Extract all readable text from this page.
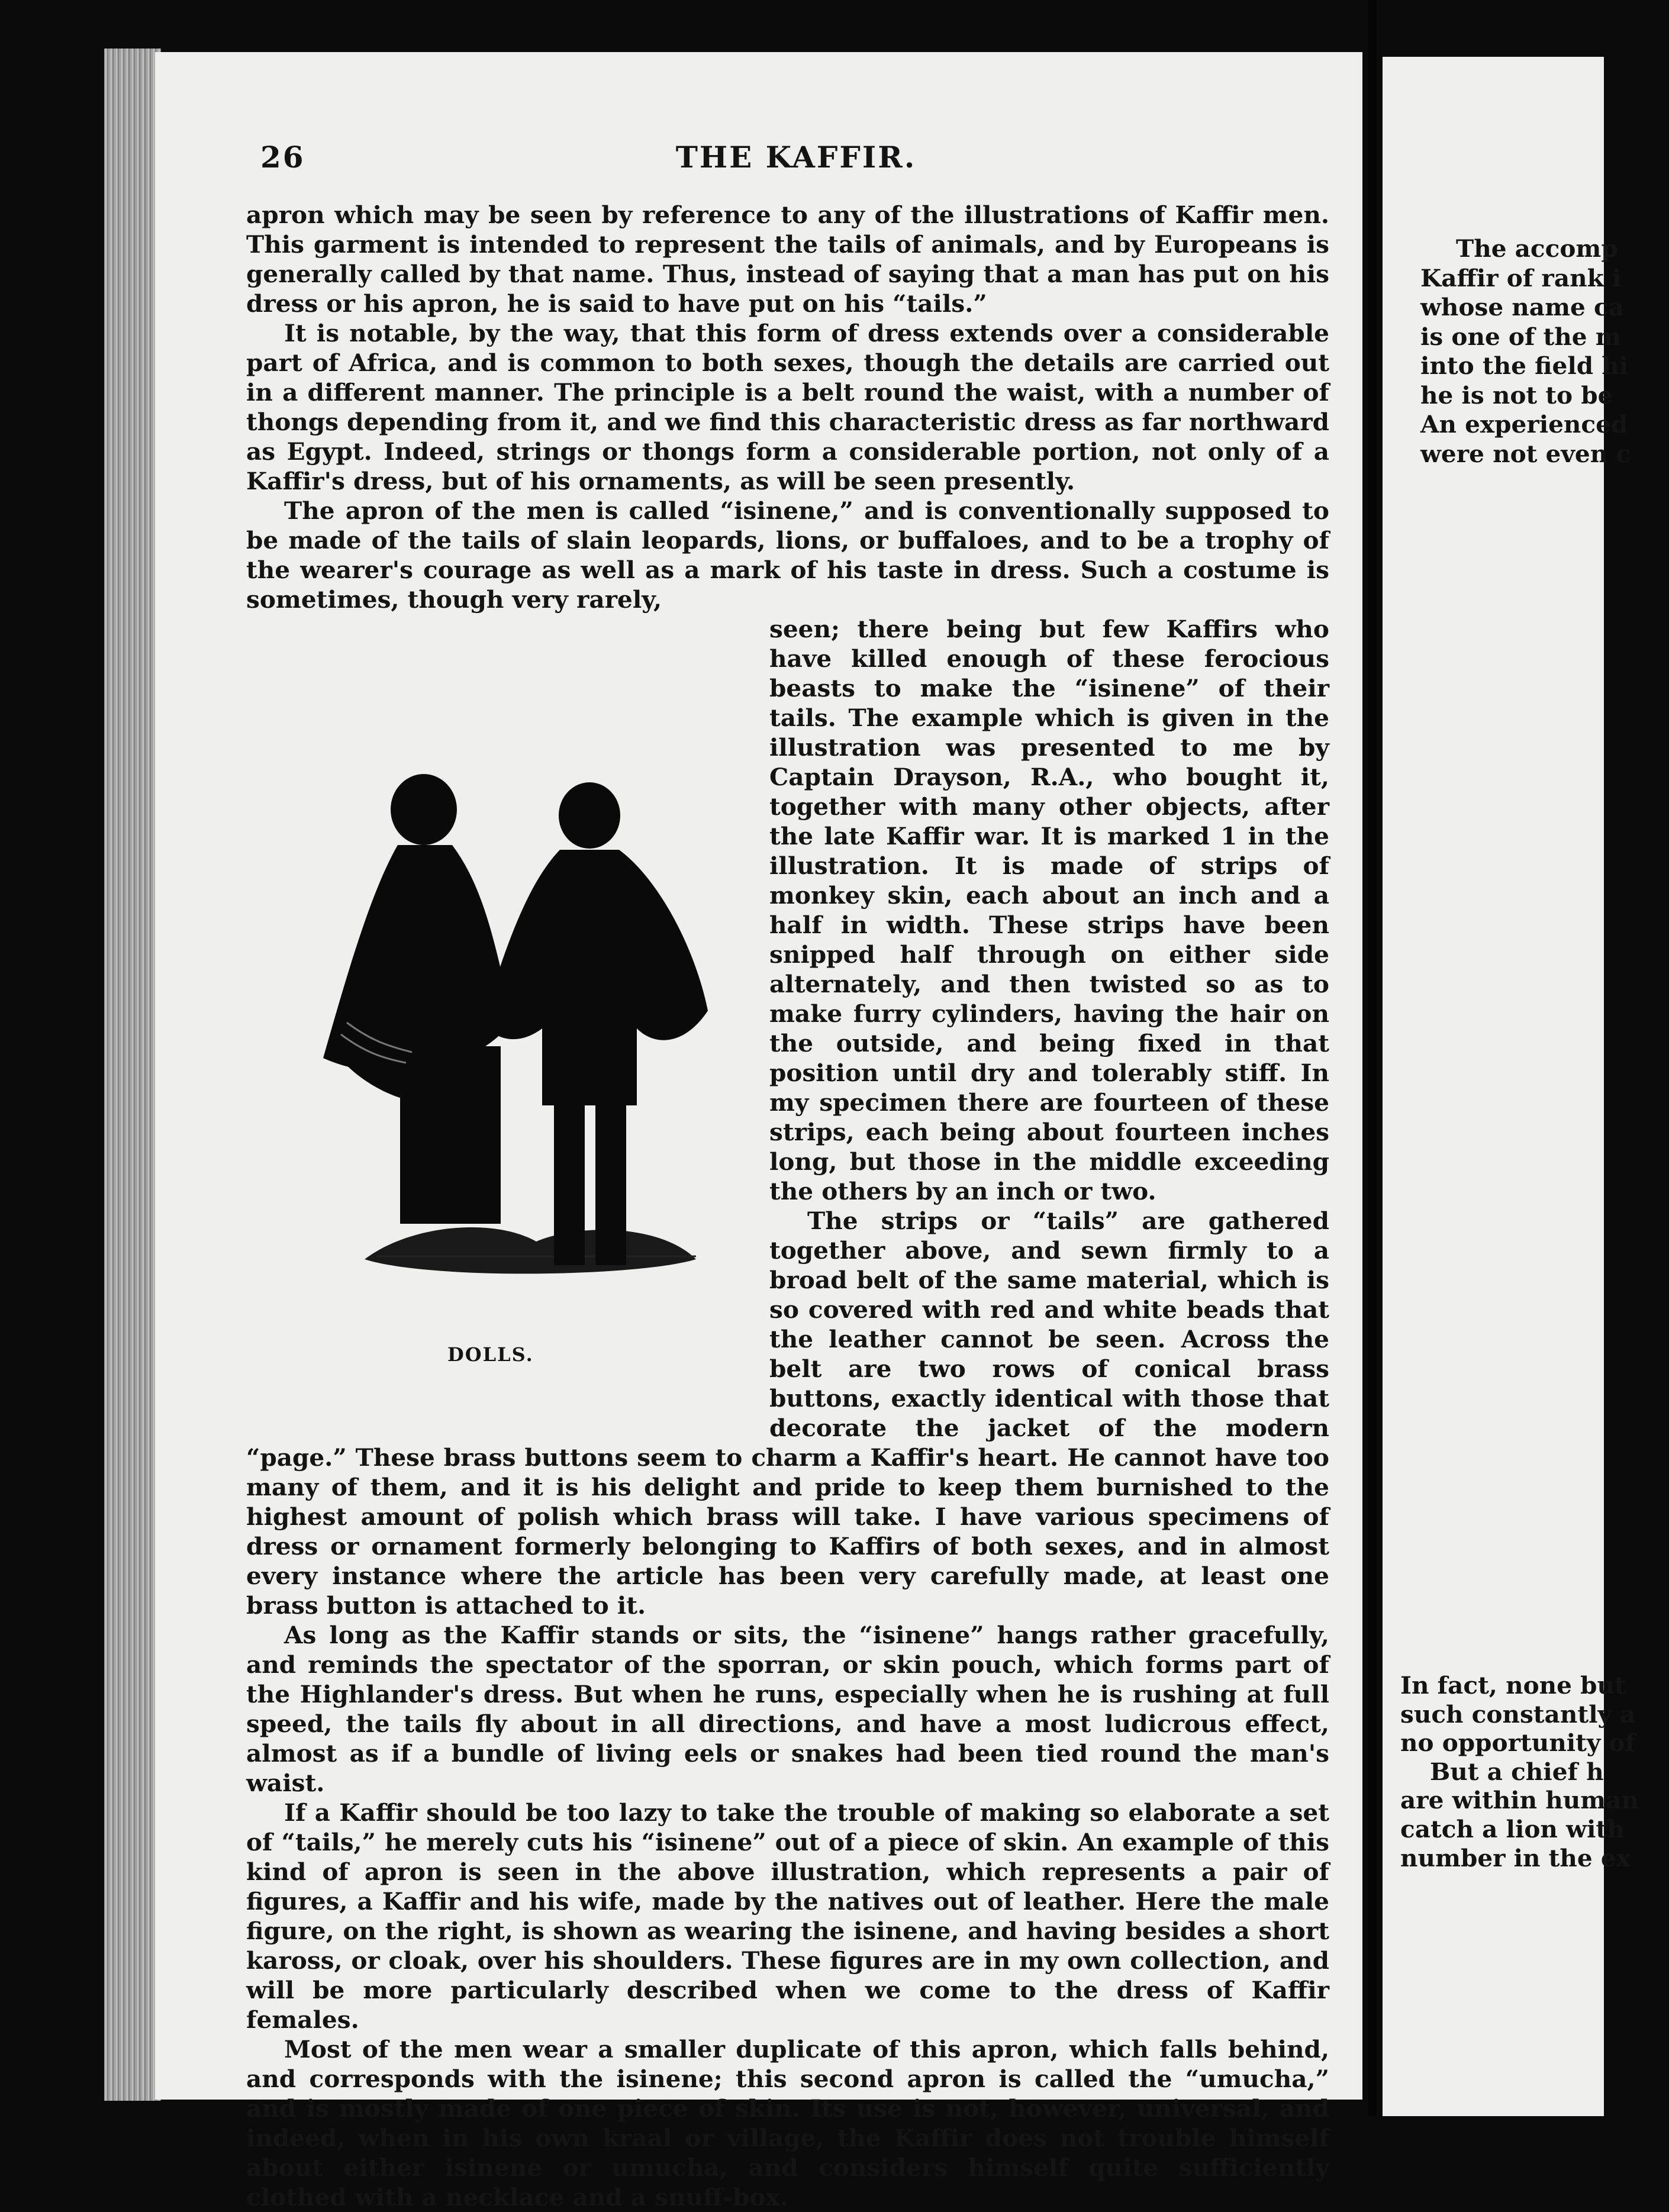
26	THE KAFFIR.

apron which may be seen by reference to any of the illustrations of Kaffir men. This garment is intended to represent the tails of animals, and by Europeans is generally called by that name. Thus, instead of saying that a man has put on his dress or his apron, he is said to have put on his “tails.”

It is notable, by the way, that this form of dress extends over a considerable part of Africa, and is common to both sexes, though the details are carried out in a different manner. The principle is a belt round the waist, with a number of thongs depending from it, and we find this characteristic dress as far northward as Egypt. Indeed, strings or thongs form a considerable portion, not only of a Kaffir's dress, but of his ornaments, as will be seen presently.

The apron of the men is called “isinene,” and is conventionally supposed to be made of the tails of slain leopards, lions, or buffaloes, and to be a trophy of the wearer's courage as well as a mark of his taste in dress. Such a costume is sometimes, though very rarely,

DOLLS.

seen; there being but few Kaffirs who have killed enough of these ferocious beasts to make the “isinene” of their tails. The example which is given in the illustration was presented to me by Captain Drayson, R.A., who bought it, together with many other objects, after the late Kaffir war. It is marked 1 in the illustration. It is made of strips of monkey skin, each about an inch and a half in width. These strips have been snipped half through on either side alternately, and then twisted so as to make furry cylinders, having the hair on the outside, and being fixed in that position until dry and tolerably stiff. In my specimen there are fourteen of these strips, each being about fourteen inches long, but those in the middle exceeding the others by an inch or two.

The strips or “tails” are gathered together above, and sewn firmly to a broad belt of the same material, which is so covered with red and white beads that the leather cannot be seen. Across the belt are two rows of conical brass buttons, exactly identical with those that decorate the jacket of the modern “page.” These brass buttons seem to charm a Kaffir's heart. He cannot have too many of them, and it is his delight and pride to keep them burnished to the highest amount of polish which brass will take. I have various specimens of dress or ornament formerly belonging to Kaffirs of both sexes, and in almost every instance where the article has been very carefully made, at least one brass button is attached to it.

As long as the Kaffir stands or sits, the “isinene” hangs rather gracefully, and reminds the spectator of the sporran, or skin pouch, which forms part of the Highlander's dress. But when he runs, especially when he is rushing at full speed, the tails fly about in all directions, and have a most ludicrous effect, almost as if a bundle of living eels or snakes had been tied round the man's waist.

If a Kaffir should be too lazy to take the trouble of making so elaborate a set of “tails,” he merely cuts his “isinene” out of a piece of skin. An example of this kind of apron is seen in the above illustration, which represents a pair of figures, a Kaffir and his wife, made by the natives out of leather. Here the male figure, on the right, is shown as wearing the isinene, and having besides a short kaross, or cloak, over his shoulders. These figures are in my own collection, and will be more particularly described when we come to the dress of Kaffir females.

Most of the men wear a smaller duplicate of this apron, which falls behind, and corresponds with the isinene; this second apron is called the “umucha,” and is mostly made of one piece of skin. Its use is not, however, universal, and indeed, when in his own kraal or village, the Kaffir does not trouble himself about either isinene or umucha, and considers himself quite sufficiently clothed with a necklace and a snuff-box.

The accomp
Kaffir of rank i
whose name ca
is one of the m
into the field hi
he is not to be
An experienced
were not even c
In fact, none but
such constantly a
no opportunity of
But a chief h
are within human
catch a lion with
number in the ex
